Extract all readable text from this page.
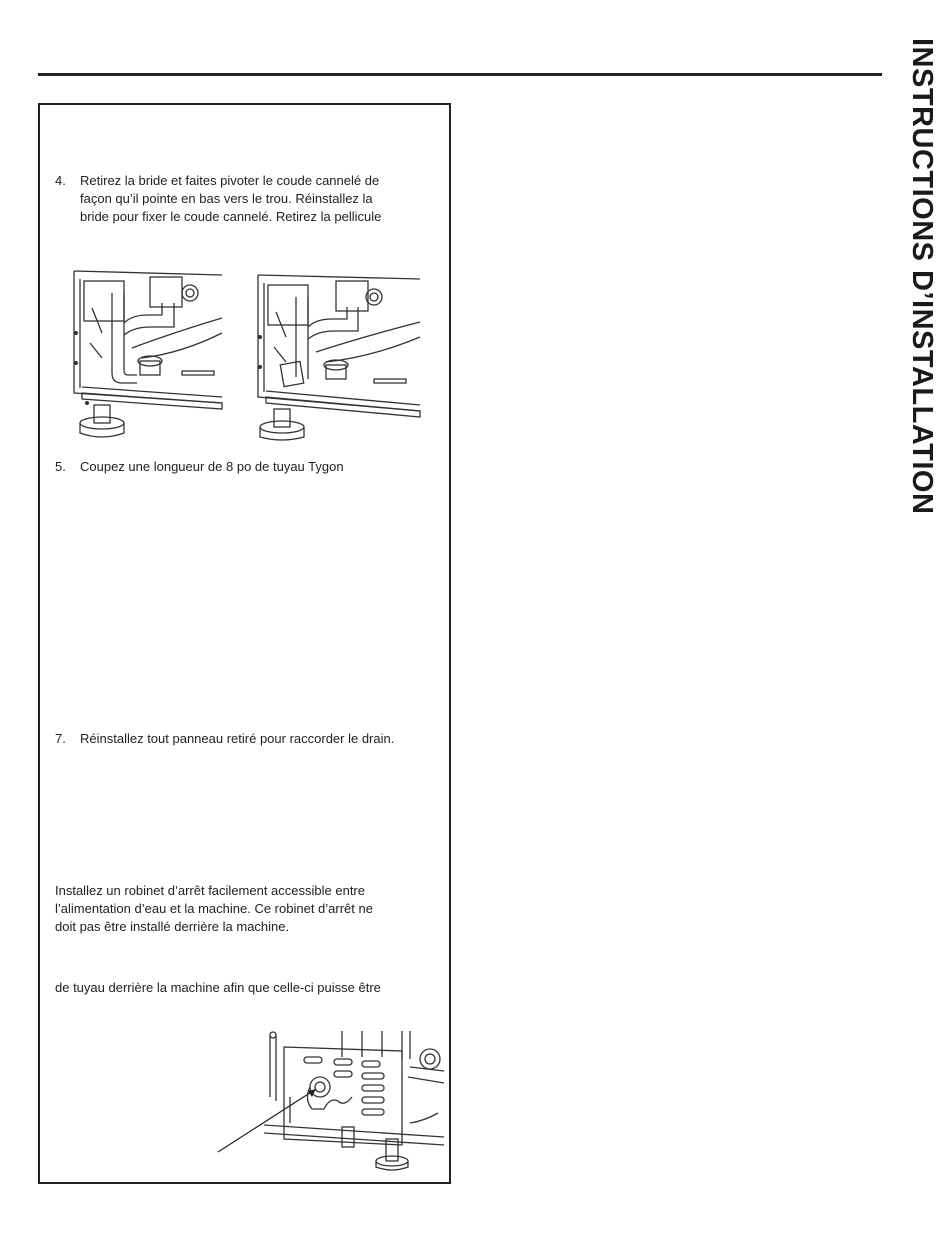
INSTRUCTIONS D’INSTALLATION
4. Retirez la bride et faites pivoter le coude cannelé de
façon qu’il pointe en bas vers le trou. Réinstallez la
bride pour fixer le coude cannelé. Retirez la pellicule
5. Coupez une longueur de 8 po de tuyau Tygon
7. Réinstallez tout panneau retiré pour raccorder le drain.
Installez un robinet d’arrêt facilement accessible entre
l’alimentation d’eau et la machine. Ce robinet d’arrêt ne
doit pas être installé derrière la machine.
de tuyau derrière la machine afin que celle-ci puisse être
